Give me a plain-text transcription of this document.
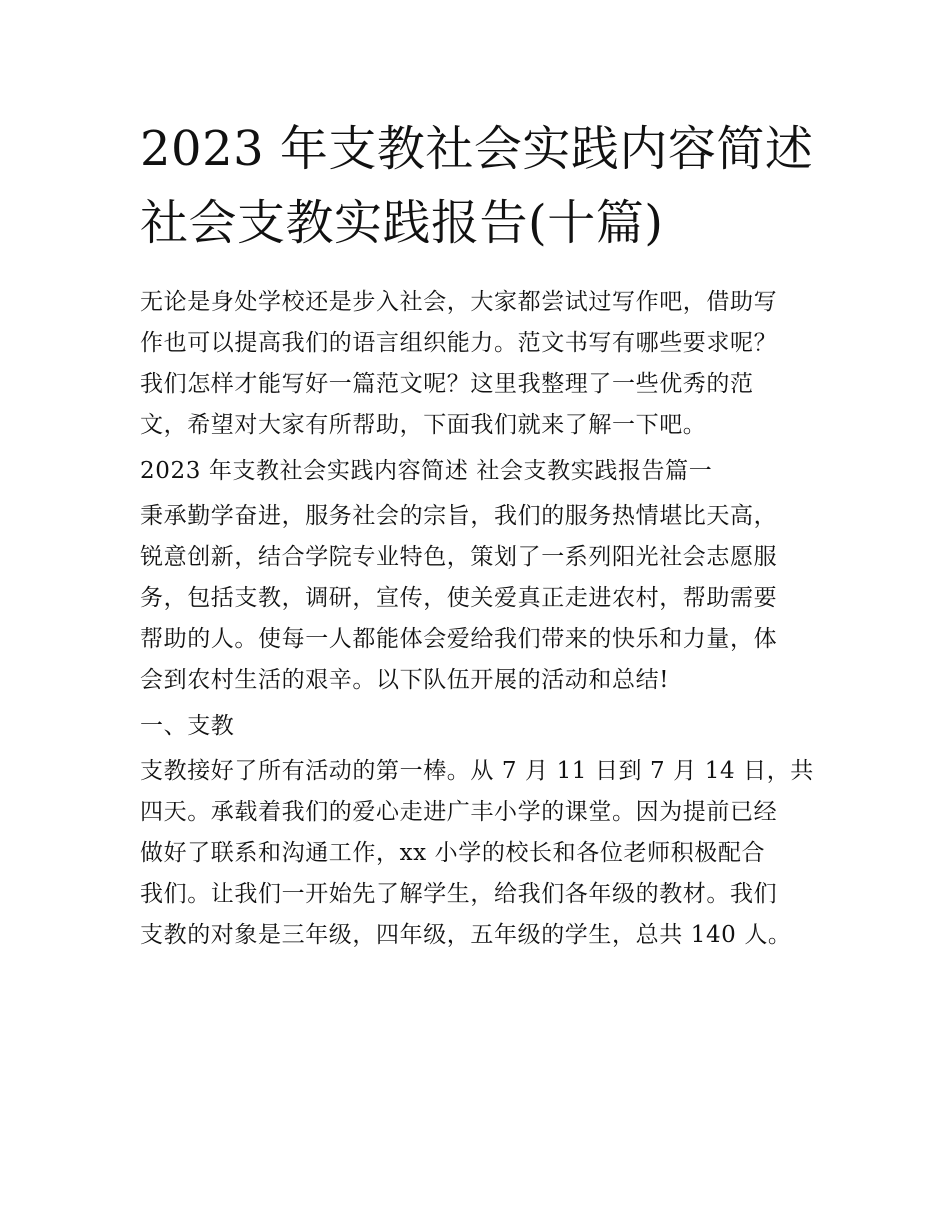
2023 年支教社会实践内容简述
社会支教实践报告(十篇)

无论是身处学校还是步入社会，大家都尝试过写作吧，借助写
作也可以提高我们的语言组织能力。范文书写有哪些要求呢？
我们怎样才能写好一篇范文呢？这里我整理了一些优秀的范
文，希望对大家有所帮助，下面我们就来了解一下吧。

2023 年支教社会实践内容简述 社会支教实践报告篇一

秉承勤学奋进，服务社会的宗旨，我们的服务热情堪比天高，
锐意创新，结合学院专业特色，策划了一系列阳光社会志愿服
务，包括支教，调研，宣传，使关爱真正走进农村，帮助需要
帮助的人。使每一人都能体会爱给我们带来的快乐和力量，体
会到农村生活的艰辛。以下队伍开展的活动和总结!

一、支教

支教接好了所有活动的第一棒。从 7 月 11 日到 7 月 14 日，共
四天。承载着我们的爱心走进广丰小学的课堂。因为提前已经
做好了联系和沟通工作，xx 小学的校长和各位老师积极配合
我们。让我们一开始先了解学生，给我们各年级的教材。我们
支教的对象是三年级，四年级，五年级的学生，总共 140 人。
